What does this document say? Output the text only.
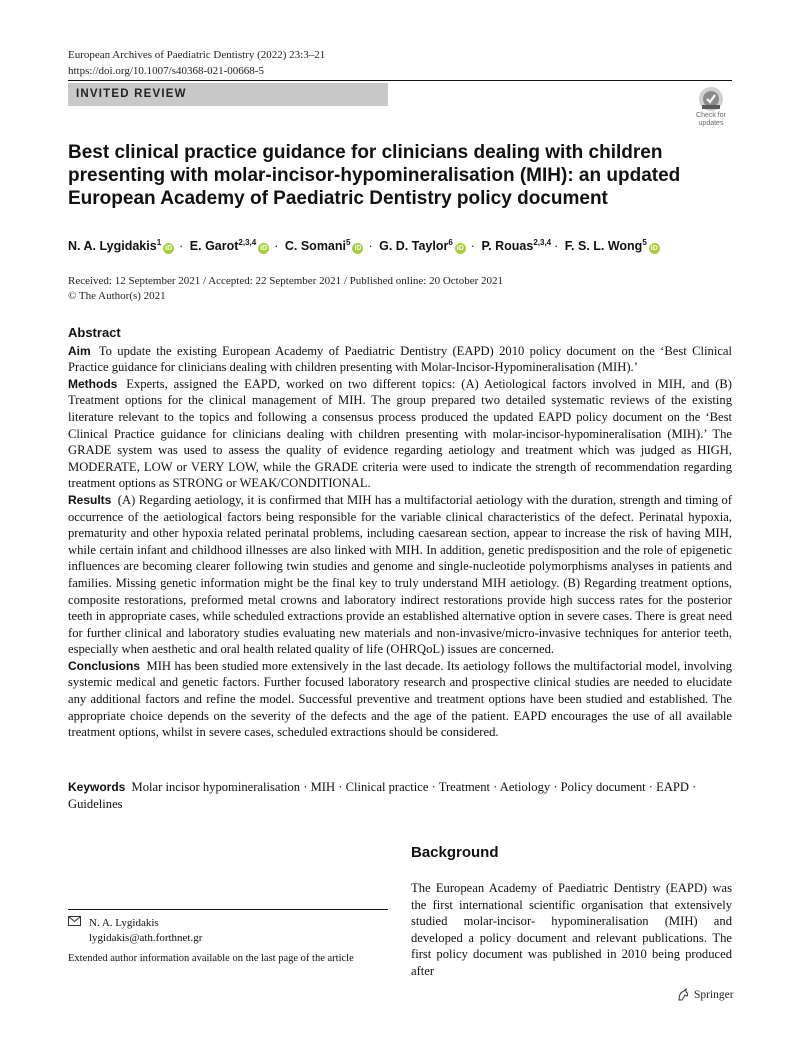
European Archives of Paediatric Dentistry (2022) 23:3–21
https://doi.org/10.1007/s40368-021-00668-5
INVITED REVIEW
Check for
updates
Best clinical practice guidance for clinicians dealing with children presenting with molar-incisor-hypomineralisation (MIH): an updated European Academy of Paediatric Dentistry policy document
N. A. Lygidakis$^1$iD · E. Garot$^{2,3,4}$iD · C. Somani$^5$iD · G. D. Taylor$^6$iD · P. Rouas$^{2,3,4}$ · F. S. L. Wong$^5$iD
Received: 12 September 2021 / Accepted: 22 September 2021 / Published online: 20 October 2021
© The Author(s) 2021
Abstract

Aim To update the existing European Academy of Paediatric Dentistry (EAPD) 2010 policy document on the ‘Best Clinical Practice guidance for clinicians dealing with children presenting with Molar-Incisor-Hypomineralisation (MIH).’

Methods Experts, assigned the EAPD, worked on two different topics: (A) Aetiological factors involved in MIH, and (B) Treatment options for the clinical management of MIH. The group prepared two detailed systematic reviews of the existing literature relevant to the topics and following a consensus process produced the updated EAPD policy document on the ‘Best Clinical Practice guidance for clinicians dealing with children presenting with molar-incisor-hypomineralisation (MIH).’ The GRADE system was used to assess the quality of evidence regarding aetiology and treatment which was judged as HIGH, MODERATE, LOW or VERY LOW, while the GRADE criteria were used to indicate the strength of recommendation regarding treatment options as STRONG or WEAK/CONDITIONAL.

Results (A) Regarding aetiology, it is confirmed that MIH has a multifactorial aetiology with the duration, strength and timing of occurrence of the aetiological factors being responsible for the variable clinical characteristics of the defect. Perinatal hypoxia, prematurity and other hypoxia related perinatal problems, including caesarean section, appear to increase the risk of having MIH, while certain infant and childhood illnesses are also linked with MIH. In addition, genetic predisposition and the role of epigenetic influences are becoming clearer following twin studies and genome and single-nucleotide polymorphisms analyses in patients and families. Missing genetic information might be the final key to truly understand MIH aetiology. (B) Regarding treatment options, composite restorations, preformed metal crowns and laboratory indirect restorations provide high success rates for the posterior teeth in appropriate cases, while scheduled extractions provide an established alternative option in severe cases. There is great need for further clinical and laboratory studies evaluating new materials and non-invasive/micro-invasive techniques for anterior teeth, especially when aesthetic and oral health related quality of life (OHRQoL) issues are concerned.

Conclusions MIH has been studied more extensively in the last decade. Its aetiology follows the multifactorial model, involving systemic medical and genetic factors. Further focused laboratory research and prospective clinical studies are needed to elucidate any additional factors and refine the model. Successful preventive and treatment options have been studied and established. The appropriate choice depends on the severity of the defects and the age of the patient. EAPD encourages the use of all available treatment options, whilst in severe cases, scheduled extractions should be considered.

Keywords Molar incisor hypomineralisation · MIH · Clinical practice · Treatment · Aetiology · Policy document · EAPD · Guidelines
Background
The European Academy of Paediatric Dentistry (EAPD) was the first international scientific organisation that extensively studied molar-incisor- hypomineralisation (MIH) and developed a policy document and relevant publications. The first policy document was published in 2010 being produced after
N. A. Lygidakis
lygidakis@ath.forthnet.gr
Extended author information available on the last page of the article
Springer
